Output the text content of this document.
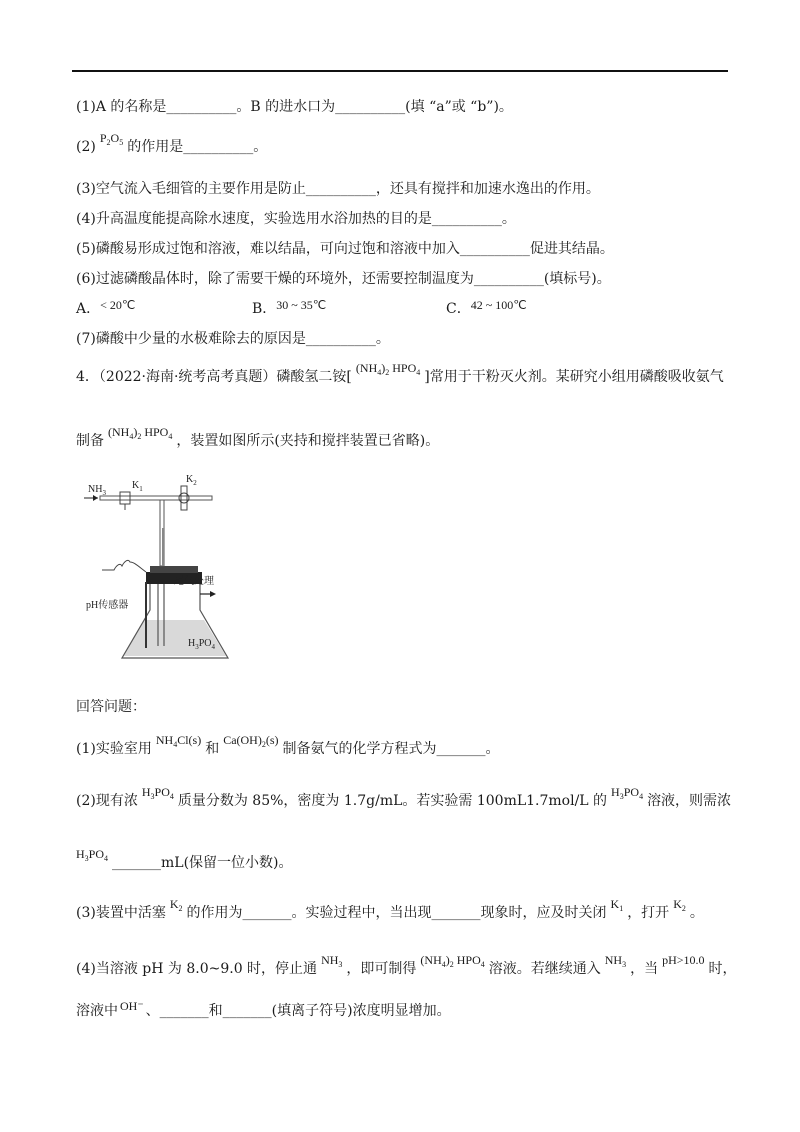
(1)A 的名称是__________。B 的进水口为__________(填 “a”或 “b”)。
$(2)P_2O_5$ 的作用是__________。
(3)空气流入毛细管的主要作用是防止__________，还具有搅拌和加速水逸出的作用。
(4)升高温度能提高除水速度，实验选用水浴加热的目的是__________。
(5)磷酸易形成过饱和溶液，难以结晶，可向过饱和溶液中加入__________促进其结晶。
(6)过滤磷酸晶体时，除了需要干燥的环境外，还需要控制温度为__________(填标号)。
A．< 20℃	B．30 ~ 35℃	C．42 ~ 100℃
(7)磷酸中少量的水极难除去的原因是__________。
4．（2022·海南·统考高考真题）磷酸氢二铵[$(NH_4)_2$ $HPO_4$ ]常用于干粉灭火剂。某研究小组用磷酸吸收氨气
制备$(NH_4)_2$ $HPO_4$ ，装置如图所示(夹持和搅拌装置已省略)。
$NH_3$
$K_1$
$K_2$
尾气处理
pH传感器
$H_3PO_4$
回答问题：
(1)实验室用$NH_4Cl(s)$和$Ca(OH)_2(s)$制备氨气的化学方程式为_______。
(2)现有浓$H_3PO_4$ 质量分数为 85%，密度为 1.7g/mL。若实验需 100mL1.7mol/L 的$H_3PO_4$ 溶液，则需浓
$H_3PO_4$ _______mL(保留一位小数)。
(3)装置中活塞$K_2$ 的作用为_______。实验过程中，当出现_______现象时，应及时关闭$K_1$ ，打开$K_2$ 。
(4)当溶液 pH 为 8.0~9.0 时，停止通$NH_3$ ，即可制得$(NH_4)_2$ $HPO_4$ 溶液。若继续通入$NH_3$ ，当pH>10.0时，
溶液中 OH⁻ 、_______和_______(填离子符号)浓度明显增加。
